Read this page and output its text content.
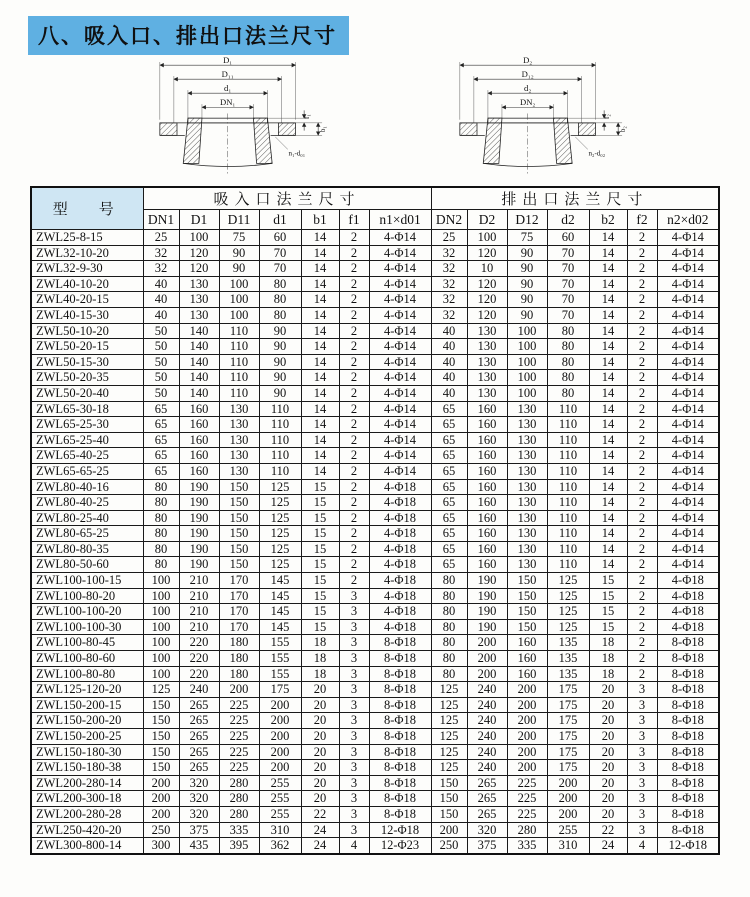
八、吸入口、排出口法兰尺寸
D₁
D₁₁
d₁
DN₁
f₁
b₁
n₁-d₀₁
D₂
D₁₂
d₂
DN₂
f₂
b₂
n₂-d₀₂
型　号	吸入口法兰尺寸							排出口法兰尺寸						
	DN1	D1	D11	d1	b1	f1	n1×d01	DN2	D2	D12	d2	b2	f2	n2×d02
ZWL25-8-15	25	100	75	60	14	2	4-Φ14	25	100	75	60	14	2	4-Φ14
ZWL32-10-20	32	120	90	70	14	2	4-Φ14	32	120	90	70	14	2	4-Φ14
ZWL32-9-30	32	120	90	70	14	2	4-Φ14	32	10	90	70	14	2	4-Φ14
ZWL40-10-20	40	130	100	80	14	2	4-Φ14	32	120	90	70	14	2	4-Φ14
ZWL40-20-15	40	130	100	80	14	2	4-Φ14	32	120	90	70	14	2	4-Φ14
ZWL40-15-30	40	130	100	80	14	2	4-Φ14	32	120	90	70	14	2	4-Φ14
ZWL50-10-20	50	140	110	90	14	2	4-Φ14	40	130	100	80	14	2	4-Φ14
ZWL50-20-15	50	140	110	90	14	2	4-Φ14	40	130	100	80	14	2	4-Φ14
ZWL50-15-30	50	140	110	90	14	2	4-Φ14	40	130	100	80	14	2	4-Φ14
ZWL50-20-35	50	140	110	90	14	2	4-Φ14	40	130	100	80	14	2	4-Φ14
ZWL50-20-40	50	140	110	90	14	2	4-Φ14	40	130	100	80	14	2	4-Φ14
ZWL65-30-18	65	160	130	110	14	2	4-Φ14	65	160	130	110	14	2	4-Φ14
ZWL65-25-30	65	160	130	110	14	2	4-Φ14	65	160	130	110	14	2	4-Φ14
ZWL65-25-40	65	160	130	110	14	2	4-Φ14	65	160	130	110	14	2	4-Φ14
ZWL65-40-25	65	160	130	110	14	2	4-Φ14	65	160	130	110	14	2	4-Φ14
ZWL65-65-25	65	160	130	110	14	2	4-Φ14	65	160	130	110	14	2	4-Φ14
ZWL80-40-16	80	190	150	125	15	2	4-Φ18	65	160	130	110	14	2	4-Φ14
ZWL80-40-25	80	190	150	125	15	2	4-Φ18	65	160	130	110	14	2	4-Φ14
ZWL80-25-40	80	190	150	125	15	2	4-Φ18	65	160	130	110	14	2	4-Φ14
ZWL80-65-25	80	190	150	125	15	2	4-Φ18	65	160	130	110	14	2	4-Φ14
ZWL80-80-35	80	190	150	125	15	2	4-Φ18	65	160	130	110	14	2	4-Φ14
ZWL80-50-60	80	190	150	125	15	2	4-Φ18	65	160	130	110	14	2	4-Φ14
ZWL100-100-15	100	210	170	145	15	2	4-Φ18	80	190	150	125	15	2	4-Φ18
ZWL100-80-20	100	210	170	145	15	3	4-Φ18	80	190	150	125	15	2	4-Φ18
ZWL100-100-20	100	210	170	145	15	3	4-Φ18	80	190	150	125	15	2	4-Φ18
ZWL100-100-30	100	210	170	145	15	3	4-Φ18	80	190	150	125	15	2	4-Φ18
ZWL100-80-45	100	220	180	155	18	3	8-Φ18	80	200	160	135	18	2	8-Φ18
ZWL100-80-60	100	220	180	155	18	3	8-Φ18	80	200	160	135	18	2	8-Φ18
ZWL100-80-80	100	220	180	155	18	3	8-Φ18	80	200	160	135	18	2	8-Φ18
ZWL125-120-20	125	240	200	175	20	3	8-Φ18	125	240	200	175	20	3	8-Φ18
ZWL150-200-15	150	265	225	200	20	3	8-Φ18	125	240	200	175	20	3	8-Φ18
ZWL150-200-20	150	265	225	200	20	3	8-Φ18	125	240	200	175	20	3	8-Φ18
ZWL150-200-25	150	265	225	200	20	3	8-Φ18	125	240	200	175	20	3	8-Φ18
ZWL150-180-30	150	265	225	200	20	3	8-Φ18	125	240	200	175	20	3	8-Φ18
ZWL150-180-38	150	265	225	200	20	3	8-Φ18	125	240	200	175	20	3	8-Φ18
ZWL200-280-14	200	320	280	255	20	3	8-Φ18	150	265	225	200	20	3	8-Φ18
ZWL200-300-18	200	320	280	255	20	3	8-Φ18	150	265	225	200	20	3	8-Φ18
ZWL200-280-28	200	320	280	255	22	3	8-Φ18	150	265	225	200	20	3	8-Φ18
ZWL250-420-20	250	375	335	310	24	3	12-Φ18	200	320	280	255	22	3	8-Φ18
ZWL300-800-14	300	435	395	362	24	4	12-Φ23	250	375	335	310	24	4	12-Φ18
